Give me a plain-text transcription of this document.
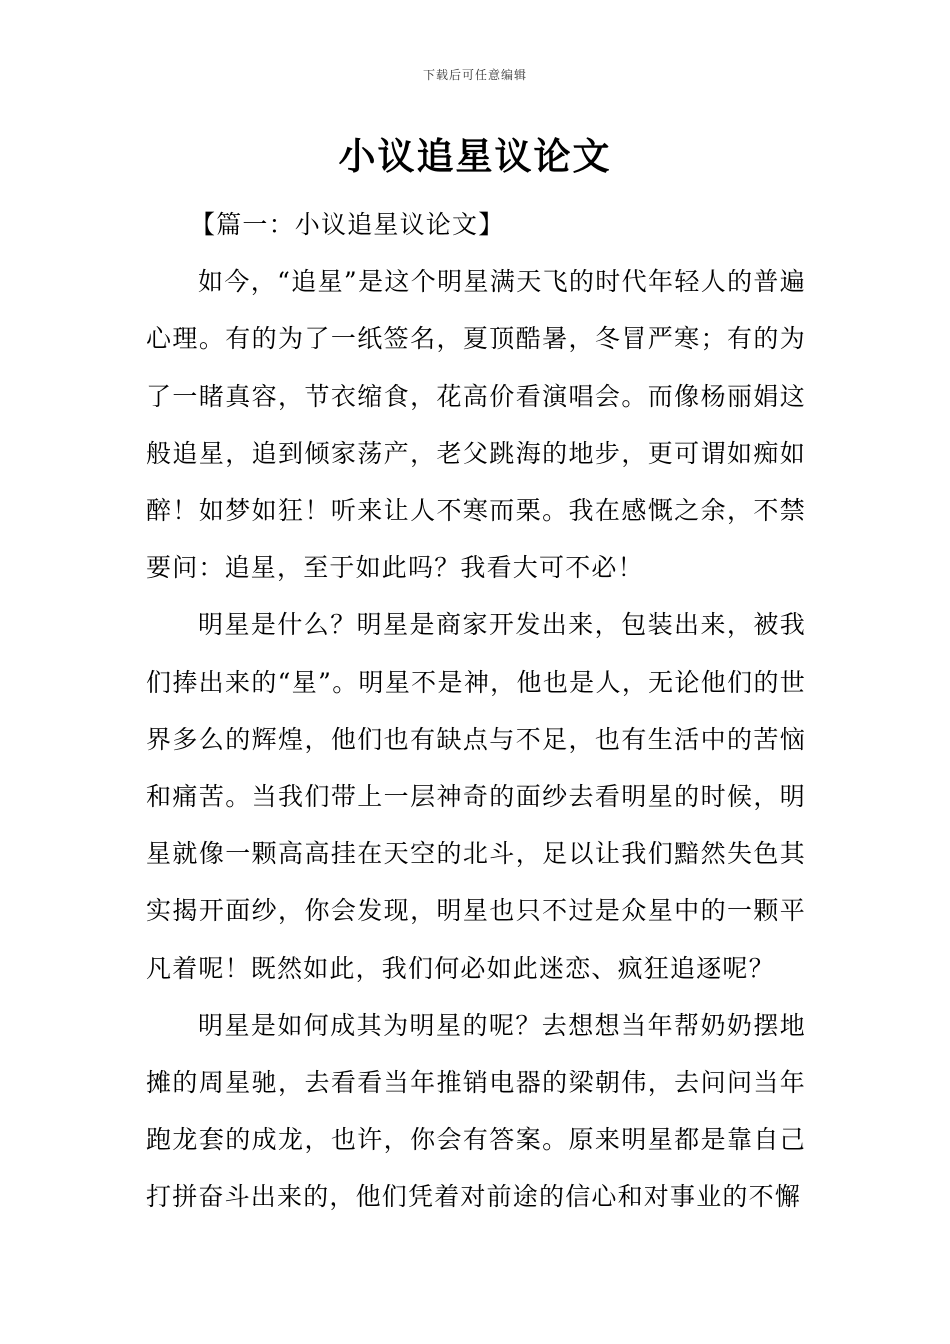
下载后可任意编辑
小议追星议论文

【篇一：小议追星议论文】

如今，“追星”是这个明星满天飞的时代年轻人的普遍心理。有的为了一纸签名，夏顶酷暑，冬冒严寒；有的为了一睹真容，节衣缩食，花高价看演唱会。而像杨丽娟这般追星，追到倾家荡产，老父跳海的地步，更可谓如痴如醉！如梦如狂！听来让人不寒而栗。我在感慨之余，不禁要问：追星，至于如此吗？我看大可不必！

明星是什么？明星是商家开发出来，包装出来，被我们捧出来的“星”。明星不是神，他也是人，无论他们的世界多么的辉煌，他们也有缺点与不足，也有生活中的苦恼和痛苦。当我们带上一层神奇的面纱去看明星的时候，明星就像一颗高高挂在天空的北斗，足以让我们黯然失色其实揭开面纱，你会发现，明星也只不过是众星中的一颗平凡着呢！既然如此，我们何必如此迷恋、疯狂追逐呢？

明星是如何成其为明星的呢？去想想当年帮奶奶摆地摊的周星驰，去看看当年推销电器的梁朝伟，去问问当年跑龙套的成龙，也许，你会有答案。原来明星都是靠自己打拼奋斗出来的，他们凭着对前途的信心和对事业的不懈
